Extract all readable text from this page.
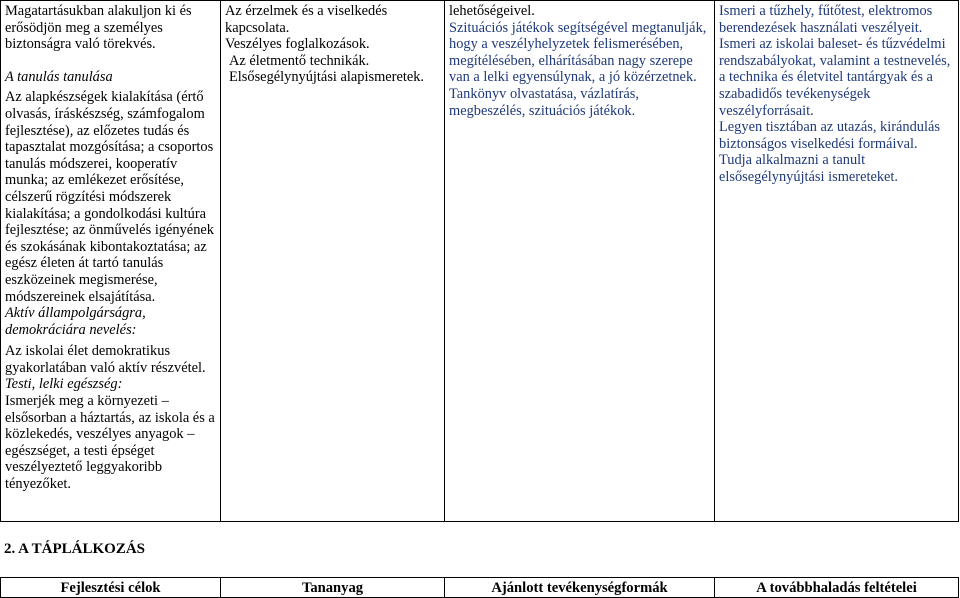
Magatartásukban alakuljon ki és erősödjön meg a személyes biztonságra való törekvés.
A tanulás tanulása
Az alapkészségek kialakítása (értő olvasás, íráskészség, számfogalom fejlesztése), az előzetes tudás és tapasztalat mozgósítása; a csoportos tanulás módszerei, kooperatív munka; az emlékezet erősítése, célszerű rögzítési módszerek kialakítása; a gondolkodási kultúra fejlesztése; az önművelés igényének és szokásának kibontakoztatása; az egész életen át tartó tanulás eszközeinek megismerése, módszereinek elsajátítása.
Aktív állampolgárságra, demokráciára nevelés:
Az iskolai élet demokratikus gyakorlatában való aktív részvétel.
Testi, lelki egészség:
Ismerjék meg a környezeti – elsősorban a háztartás, az iskola és a közlekedés, veszélyes anyagok – egészséget, a testi épséget veszélyeztető leggyakoribb tényezőket.

Az érzelmek és a viselkedés kapcsolata.
Veszélyes foglalkozások.
Az életmentő technikák.
Elsősegélynyújtási alapismeretek.

lehetőségeivel.
Szituációs játékok segítségével megtanulják, hogy a veszélyhelyzetek felismerésében, megítélésében, elhárításában nagy szerepe van a lelki egyensúlynak, a jó közérzetnek.
Tankönyv olvastatása, vázlatírás, megbeszélés, szituációs játékok.

Ismeri a tűzhely, fűtőtest, elektromos berendezések használati veszélyeit.
Ismeri az iskolai baleset- és tűzvédelmi rendszabályokat, valamint a testnevelés, a technika és életvitel tantárgyak és a szabadidős tevékenységek veszélyforrásait.
Legyen tisztában az utazás, kirándulás biztonságos viselkedési formáival.
Tudja alkalmazni a tanult elsősegélynyújtási ismereteket.
2. A TÁPLÁLKOZÁS
Fejlesztési célok	Tananyag	Ajánlott tevékenységformák	A továbbhaladás feltételei
